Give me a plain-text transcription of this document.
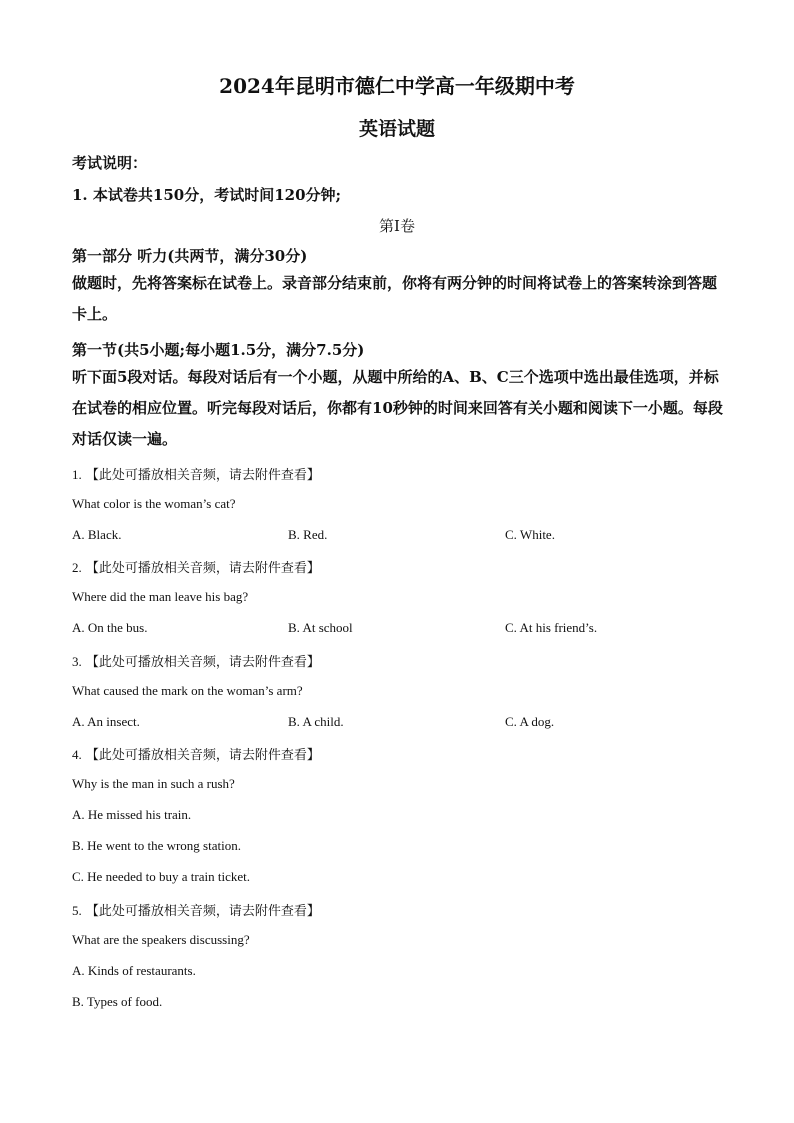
2024年昆明市德仁中学高一年级期中考
英语试题
考试说明：
1. 本试卷共150分，考试时间120分钟;
第I卷
第一部分 听力(共两节，满分30分)
做题时，先将答案标在试卷上。录音部分结束前，你将有两分钟的时间将试卷上的答案转涂到答题卡上。
第一节(共5小题;每小题1.5分，满分7.5分)
听下面5段对话。每段对话后有一个小题，从题中所给的A、B、C三个选项中选出最佳选项，并标在试卷的相应位置。听完每段对话后，你都有10秒钟的时间来回答有关小题和阅读下一小题。每段对话仅读一遍。
1. 【此处可播放相关音频，请去附件查看】
What color is the woman’s cat?
A. Black.	B. Red.	C. White.
2. 【此处可播放相关音频，请去附件查看】
Where did the man leave his bag?
A. On the bus.	B. At school	C. At his friend’s.
3. 【此处可播放相关音频，请去附件查看】
What caused the mark on the woman’s arm?
A. An insect.	B. A child.	C. A dog.
4. 【此处可播放相关音频，请去附件查看】
Why is the man in such a rush?
A. He missed his train.
B. He went to the wrong station.
C. He needed to buy a train ticket.
5. 【此处可播放相关音频，请去附件查看】
What are the speakers discussing?
A. Kinds of restaurants.
B. Types of food.
